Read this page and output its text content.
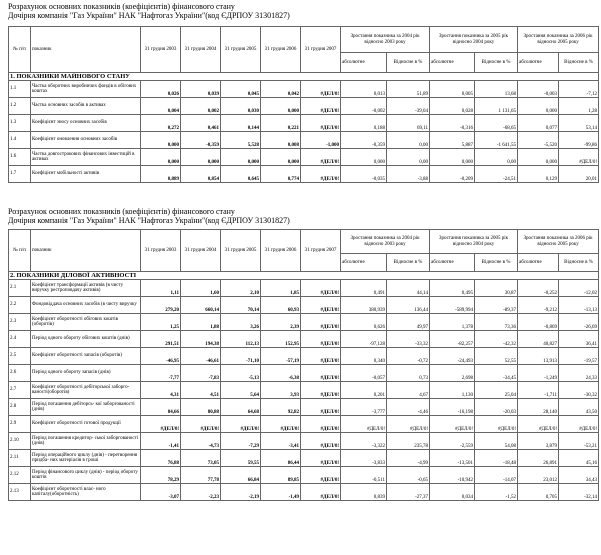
Розрахунок основних показників (коефіцієнтів) фінансового стану
Дочірня компанія "Газ України" НАК "Нафтогаз України"(код ЄДРПОУ 31301827)
№ п/п	показник	31 грудня 2003	31 грудня 2004	31 грудня 2005	31 грудня 2006	31 грудня 2007	Зростання показника за 2004 рік відносно 2003 року		Зростання показника за 2005 рік відносно 2004 року		Зростання показника за 2006 рік відносно 2005 року	
							абсолютне	Відносне в %	абсолютне	Відносне в %	абсолютне	Відносне в %
1. ПОКАЗНИКИ МАЙНОВОГО СТАНУ												
1.1	Частка оборотних виробничих фондів в обігових коштах	0,026	0,039	0,045	0,042	#ДЕЛ/0!	0,013	51,89	0,005	13,68	-0,003	-7,12
1.2	Частка основних засобів в активах	0,004	0,002	0,030	0,000	#ДЕЛ/0!	-0,002	-39,04	0,028	1 131,65	0,000	1,28
1.3	Коефіцієнт зносу основних засобів	0,272	0,461	0,144	0,221	#ДЕЛ/0!	0,188	69,11	-0,316	-68,65	0,077	53,14
1.4	Коефіцієнт оновлення основних засобів	0,000	-0,359	5,528	0,008	-1,000	-0,359	0,00	5,887	-1 641,55	-5,520	-99,86
1.6	Частка довгострокових фінансових інвестицій в активах	0,000	0,000	0,000	0,000	#ДЕЛ/0!	0,000	0,00	0,000	0,00	0,000	#ДЕЛ/0!
1.7	Коефіцієнт мобільності активів	0,889	0,854	0,645	0,774	#ДЕЛ/0!	-0,035	-3,88	-0,209	-24,51	0,129	20,01
Розрахунок основних показників (коефіцієнтів) фінансового стану
Дочірня компанія "Газ України" НАК "Нафтогаз України"(код ЄДРПОУ 31301827)
№ п/п	показник	31 грудня 2003	31 грудня 2004	31 грудня 2005	31 грудня 2006	31 грудня 2007	Зростання показника за 2004 рік відносно 2003 року		Зростання показника за 2005 рік відносно 2004 року		Зростання показника за 2006 рік відносно 2005 року	
							абсолютне	Відносне в %	абсолютне	Відносне в %	абсолютне	Відносне в %
2. ПОКАЗНИКИ ДІЛОВОЇ АКТИВНОСТІ												
2.1	Коефіцієнт трансформації активів (в чисту виручку рестроповдачу активів)	1,11	1,60	2,10	1,85	#ДЕЛ/0!	0,491	44,14	0,495	30,87	-0,252	-12,02
2.2	Фондовіддача основних засобів (в чисту виручку	279,20	660,14	70,14	60,93	#ДЕЛ/0!	380,939	136,44	-589,994	-89,37	-9,212	-13,13
2.3	Коефіцієнт оборотності обігових коштів (оборотів)	1,25	1,88	3,26	2,39	#ДЕЛ/0!	0,626	49,97	1,378	73,36	-0,869	-26,69
2.4	Період одного обороту обігових коштів (днів)	291,51	194,38	112,13	152,95	#ДЕЛ/0!	-97,128	-33,32	-82,257	-42,32	40,827	36,41
2.5	Коефіцієнт оборотності запасів (оборотів)	-46,95	-46,61	-71,10	-57,19	#ДЕЛ/0!	0,340	-0,72	-24,493	52,55	13,913	-19,57
2.6	Період одного обороту запасів (днів)	-7,77	-7,83	-5,13	-6,38	#ДЕЛ/0!	-0,057	0,73	2,698	-34,45	-1,249	24,33
2.7	Коефіцієнт оборотності дебіторської заборго- ваності(оборотів)	4,31	4,51	5,64	3,93	#ДЕЛ/0!	0,201	4,67	1,130	25,04	-1,711	-30,32
2.8	Період погашення дебіторсь- кої заборгованості (днів)	84,66	80,88	64,68	92,82	#ДЕЛ/0!	-3,777	-4,46	-16,198	-20,03	28,140	43,50
2.9	Коефіцієнт оборотності готової продукції	#ДЕЛ/0!	#ДЕЛ/0!	#ДЕЛ/0!	#ДЕЛ/0!	#ДЕЛ/0!	#ДЕЛ/0!	#ДЕЛ/0!	#ДЕЛ/0!	#ДЕЛ/0!	#ДЕЛ/0!	#ДЕЛ/0!
2.10	Період погашення кредитор- ської заборгованості (днів)	-1,41	-4,73	-7,29	-3,41	#ДЕЛ/0!	-3,322	235,78	-2,559	54,08	3,879	-53,21
2.11	Період операційного циклу (днів) - перетворення придба- них матеріалів в гроші	76,88	73,05	59,55	86,44	#ДЕЛ/0!	-3,833	-4,99	-13,501	-18,48	26,891	45,16
2.12	Період фінансового циклу (днів) - період обороту коштів	78,29	77,78	66,84	89,85	#ДЕЛ/0!	-0,511	-0,65	-10,942	-14,07	23,012	34,43
2.13	Коефіцієнт оборотності влас- ного капіталу(оборотність)	-3,07	-2,23	-2,19	-1,49	#ДЕЛ/0!	0,839	-27,37	0,034	-1,52	0,705	-32,14
